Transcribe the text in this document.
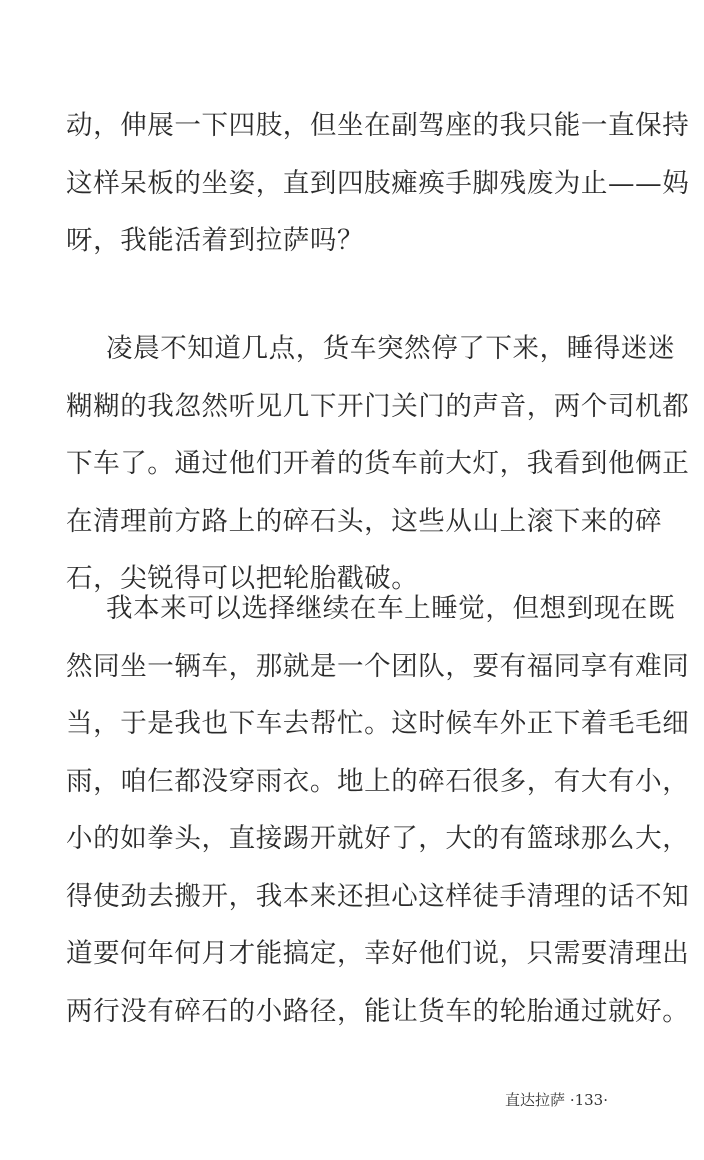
动，伸展一下四肢，但坐在副驾座的我只能一直保持
这样呆板的坐姿，直到四肢瘫痪手脚残废为止——妈
呀，我能活着到拉萨吗？
凌晨不知道几点，货车突然停了下来，睡得迷迷
糊糊的我忽然听见几下开门关门的声音，两个司机都
下车了。通过他们开着的货车前大灯，我看到他俩正
在清理前方路上的碎石头，这些从山上滚下来的碎
石，尖锐得可以把轮胎戳破。
我本来可以选择继续在车上睡觉，但想到现在既
然同坐一辆车，那就是一个团队，要有福同享有难同
当，于是我也下车去帮忙。这时候车外正下着毛毛细
雨，咱仨都没穿雨衣。地上的碎石很多，有大有小，
小的如拳头，直接踢开就好了，大的有篮球那么大，
得使劲去搬开，我本来还担心这样徒手清理的话不知
道要何年何月才能搞定，幸好他们说，只需要清理出
两行没有碎石的小路径，能让货车的轮胎通过就好。
直达拉萨 ·133·
